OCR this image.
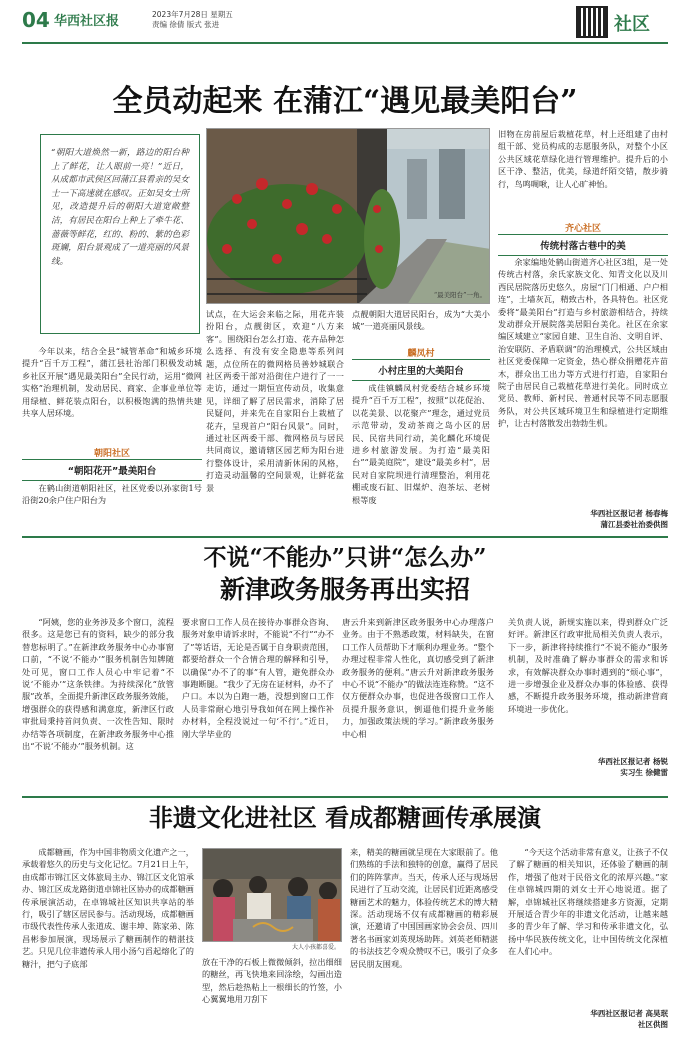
04 华西社区报	2023年7月28日 星期五
责编 徐倩 版式 张进	社区
全员动起来 在蒲江“遇见最美阳台”
“朝阳大道焕然一新，路边的阳台种上了鲜花，让人眼前一亮！”近日，从成都市武侯区回蒲江县看亲的吴女士一下高速就在感叹。正如吴女士所见，改造提升后的朝阳大道宽敞整洁，有居民在阳台上种上了牵牛花、蔷薇等鲜花，红的、粉的、紫的色彩斑斓，阳台景观成了一道亮丽的风景线。
“最美阳台”一角。
今年以来，结合全县“城管革命”和城乡环境提升“百千万工程”，蒲江县社治部门积极发动城乡社区开展“遇见最美阳台”全民行动，运用“微网实格”治理机制，发动居民、商家、企事业单位等用绿植、鲜花装点阳台，以积极饱满的热情共建共享人居环境。
朝阳社区
“朝阳花开”最美阳台
在鹤山街道朝阳社区，社区党委以孙家街1号沿街20余户住户阳台为
试点，在大运会来临之际，用花卉装扮阳台，点靓街区，欢迎“八方来客”。围绕阳台怎么打造、花卉品种怎么选择、有没有安全隐患等系列问题，点位所在的微网格员善妙城联合社区两委干部对沿街住户进行了一一走访，通过一期恒宣传动员，收集意见，详细了解了居民需求，消除了居民疑问，并来先在自家阳台上栽植了花卉，呈现首户“阳台风景”。同时，通过社区两委干部、微网格员与居民共同商议，邀请辖区园艺师为阳台进行整体设计，采用清新休闲的风格，打造灵动温馨的空间景观，让鲜花盆景
点靓朝阳大道居民阳台，成为“大美小城”一道亮丽风景线。
麟凤村
小村庄里的大美阳台
成佳镇麟凤村党委结合城乡环境提升“百千万工程”，按照“以花促治、以花美景、以花聚产”理念，通过党员示范带动，发动茶商之岛小区的居民、民宿共同行动，美化麟化环境促进乡村旅游发展。为打造“最美阳台”“最美庭院”，建设“最美乡村”，居民对自家院坝进行清理整治，利用花棚或废石缸、旧煤炉、泡茶坛、老树根等废
旧物在房前屋后栽植花草，村上还组建了由村组干部、党员构成的志愿服务队，对整个小区公共区域花草绿化进行管理维护。提升后的小区干净、整洁，优美，绿道纤陌交错，散步骑行，鸟鸣啁啾，让人心旷神怡。
齐心社区
传统村落古巷中的美
余家编地处鹤山街道齐心社区3组，是一处传统古村落，余氏家族文化、知青文化以及川西民居院落历史悠久，房屋“门门相通、户户相连”，土墙灰瓦，精致古朴，各具特色。社区党委将“最美阳台”打造与乡村旅游相结合，持续发动群众开展院落美居阳台美化。社区在余家编区域建立“家园自建、卫生自治、文明自评、治安联防、矛盾联调”的治理模式，公共区域由社区党委保障一定资金，热心群众捐赠花卉苗木，群众出工出力等方式进行打造，自家阳台院子由居民自己栽植花草进行美化。同时成立党员、教师、新村民、普通村民等不同志愿服务队，对公共区域环境卫生和绿植进行定期维护，让古村落散发出勃勃生机。
华西社区报记者 杨春梅
蒲江县委社治委供图
不说“不能办”只讲“怎么办”
新津政务服务再出实招
“阿姨，您的业务涉及多个窗口，流程很多。这是您已有的资料，缺少的部分我替您标明了。”在新津政务服务中心办事窗口前，“不说‘不能办’”服务机制告知牌随处可见，窗口工作人员心中牢记着“不说‘不能办’”这条铁律。为持续深化“放管服”改革，全面提升新津区政务服务效能，增强群众的获得感和满意度，新津区行政审批局秉持首问负责、一次性告知、限时办结等各项制度，在新津政务服务中心推出“不说‘不能办’”服务机制。这
要求窗口工作人员在接待办事群众咨询、服务对象申请诉求时，不能说“不行”“办不了”等话语，无论是否属于自身职责范围，都要给群众一个合情合理的解释和引导，以确保“办不了的事”有人管，避免群众办事跑断腿。“我少了无房在证材料，办不了户口。本以为白跑一趟，没想到窗口工作人员非常耐心地引导我如何在网上操作补办材料，全程没说过一句‘不行’。”近日，刚大学毕业的
唐云升来到新津区政务服务中心办理落户业务。由于不熟悉政策，材料缺失，在窗口工作人员帮助下才顺利办理业务。“整个办理过程非常人性化，真切感受到了新津政务服务的便利。”唐云升对新津政务服务中心不说“不能办”的做法连连称赞。“这不仅方便群众办事，也促进各级窗口工作人员提升服务意识，倒逼他们提升业务能力，加强政策法规的学习。”新津政务服务中心相
关负责人说，新规实施以来，得到群众广泛好评。新津区行政审批局相关负责人表示，下一步，新津将持续推行“不说不能办”服务机制，及时准确了解办事群众的需求和诉求，有效解决群众办事时遇到的“烦心事”，进一步增强企业及群众办事的体验感、获得感，不断提升政务服务环境，推动新津营商环境进一步优化。
华西社区报记者 杨锐
实习生 徐健雷
非遗文化进社区 看成都糖画传承展演
成都糖画，作为中国非物质文化遗产之一，承载着悠久的历史与文化记忆。7月21日上午，由成都市锦江区文体旅局主办、锦江区文化馆承办、锦江区成龙路街道卓锦社区协办的成都糖画传承展演活动，在卓锦城社区知识共享站的举行，吸引了辖区居民参与。活动现场，成都糖画市级代表性传承人张道成、谢丰坤、陈家弟、陈昌彬参加展演，现场展示了糖画制作的精湛技艺。只见几位非遗传承人用小汤勺舀起熔化了的糖汁，把勺子底部
大人小孩都喜爱。
放在干净的石板上微微倾斜，拉出细细的糖丝，再飞快地来回涂绘，勾画出造型，然后趁热粘上一根细长的竹签，小心翼翼地用刀刮下
来，精美的糖画就呈现在大家眼前了。他们熟练的手法和独特的创意，赢得了居民们的阵阵掌声。当天，传承人还与现场居民进行了互动交流，让居民们近距离感受糖画艺术的魅力，体验传统艺术的博大精深。活动现场不仅有成都糖画的精彩展演，还邀请了中国国画家协会会员、四川著名书画家刘英现场助阵。刘英老师精湛的书法技艺令观众赞叹不已，吸引了众多居民朋友围观。
“今天这个活动非常有意义，让孩子不仅了解了糖画的相关知识，还体验了糖画的制作，增强了他对于民俗文化的浓厚兴趣。”家住卓锦城四期的刘女士开心地说道。据了解，卓锦城社区将继续搭建多方资源，定期开展适合青少年的非遗文化活动，让越来越多的青少年了解、学习和传承非遗文化，弘扬中华民族传统文化，让中国传统文化深植在人们心中。
华西社区报记者 高昊珉
社区供图
